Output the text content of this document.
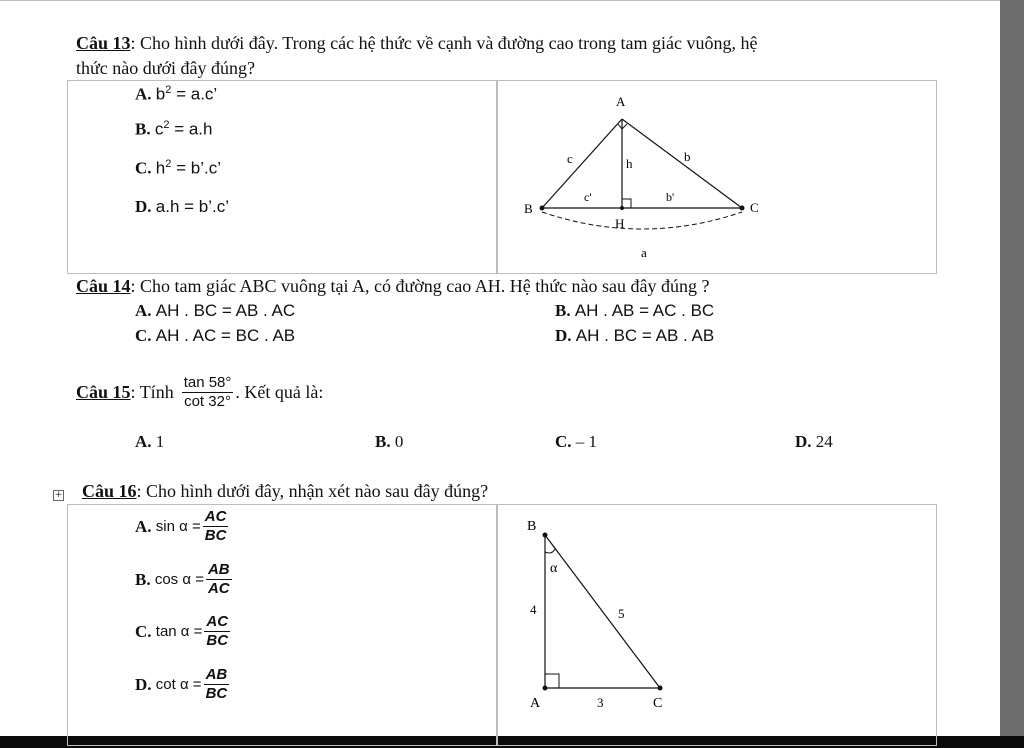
Câu 13: Cho hình dưới đây. Trong các hệ thức về cạnh và đường cao trong tam giác vuông, hệ
thức nào dưới đây đúng?
A. $b^2 = a.c$’
B. $c^2 = a.h$
C. $h^2$ = b’.c’
D. a.h = b’.c’
A
B	C
H
c	h	b
c'	b'
a
Câu 14: Cho tam giác ABC vuông tại A, có đường cao AH. Hệ thức nào sau đây đúng ?
A. AH . BC = AB . AC	B. AH . AB = AC . BC
C. AH . AC = BC . AB	D. AH . BC = AB . AB
Câu 15 : Tính $\frac{\tan 58^\circ}{\cot 32^\circ}$ . Kết quả là:
A. 1	B. 0	C. – 1	D. 24
+ Câu 16: Cho hình dưới đây, nhận xét nào sau đây đúng?
A.
$\sin \alpha = \frac{AC}{BC}$
B.
$\cos \alpha = \frac{AB}{AC}$
C.
$\tan \alpha = \frac{AC}{BC}$
D.
$\cot \alpha = \frac{AB}{BC}$
B
A	C
α
4	5
3
